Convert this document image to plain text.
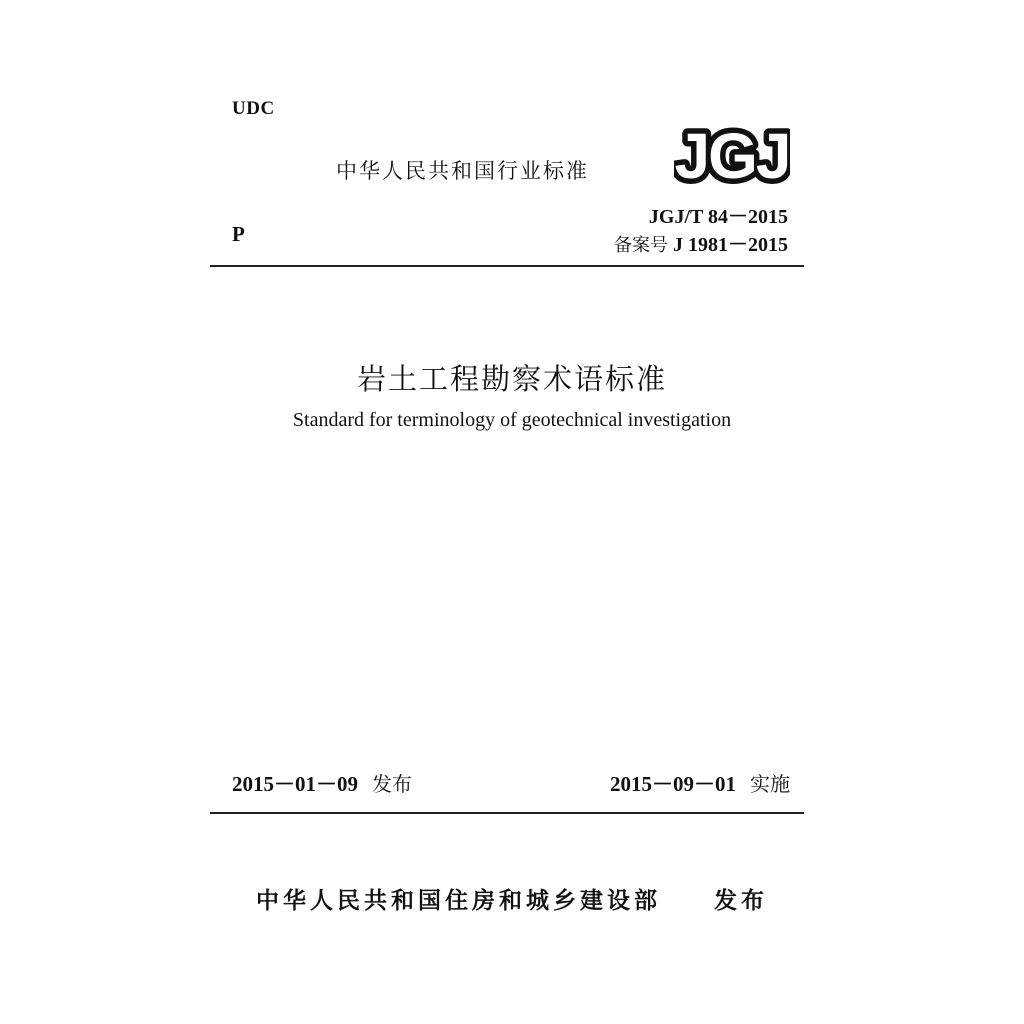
UDC
中华人民共和国行业标准 JGJ
JGJ/T 84－2015
备案号 J 1981－2015
P
岩土工程勘察术语标准
Standard for terminology of geotechnical investigation
2015－01－09 发布	2015－09－01 实施
中华人民共和国住房和城乡建设部 发布
